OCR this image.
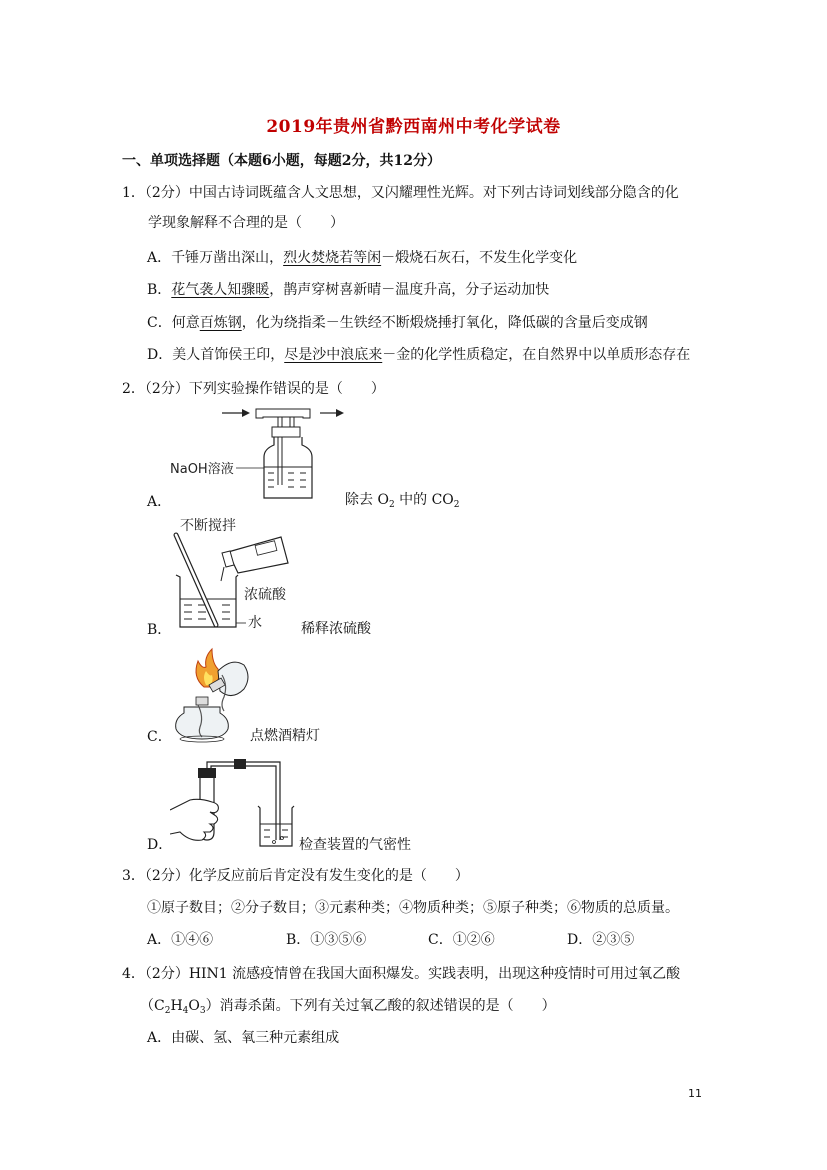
2019年贵州省黔西南州中考化学试卷
一、单项选择题（本题6小题，每题2分，共12分）
1．（2分）中国古诗词既蕴含人文思想，又闪耀理性光辉。对下列古诗词划线部分隐含的化
学现象解释不合理的是（　　）
A．千锤万凿出深山，烈火焚烧若等闲－煅烧石灰石，不发生化学变化
B．花气袭人知骤暖，鹊声穿树喜新晴－温度升高，分子运动加快
C．何意百炼钢，化为绕指柔－生铁经不断煅烧捶打氧化，降低碳的含量后变成钢
D．美人首饰侯王印，尽是沙中浪底来－金的化学性质稳定，在自然界中以单质形态存在
2．（2分）下列实验操作错误的是（　　）
NaOH溶液
A．	除去 $O_2$ 中的 $CO_2$
不断搅拌
浓硫酸
水
B．	稀释浓硫酸
C．	点燃酒精灯
D．	检查装置的气密性
3．（2分）化学反应前后肯定没有发生变化的是（　　）
①原子数目；②分子数目；③元素种类；④物质种类；⑤原子种类；⑥物质的总质量。
A．①④⑥	B．①③⑤⑥	C．①②⑥	D．②③⑤
4．（2分）HIN1 流感疫情曾在我国大面积爆发。实践表明，出现这种疫情时可用过氧乙酸
$(C_2H_4O_3)$消毒杀菌。下列有关过氧乙酸的叙述错误的是（　　）
A．由碳、氢、氧三种元素组成
11
